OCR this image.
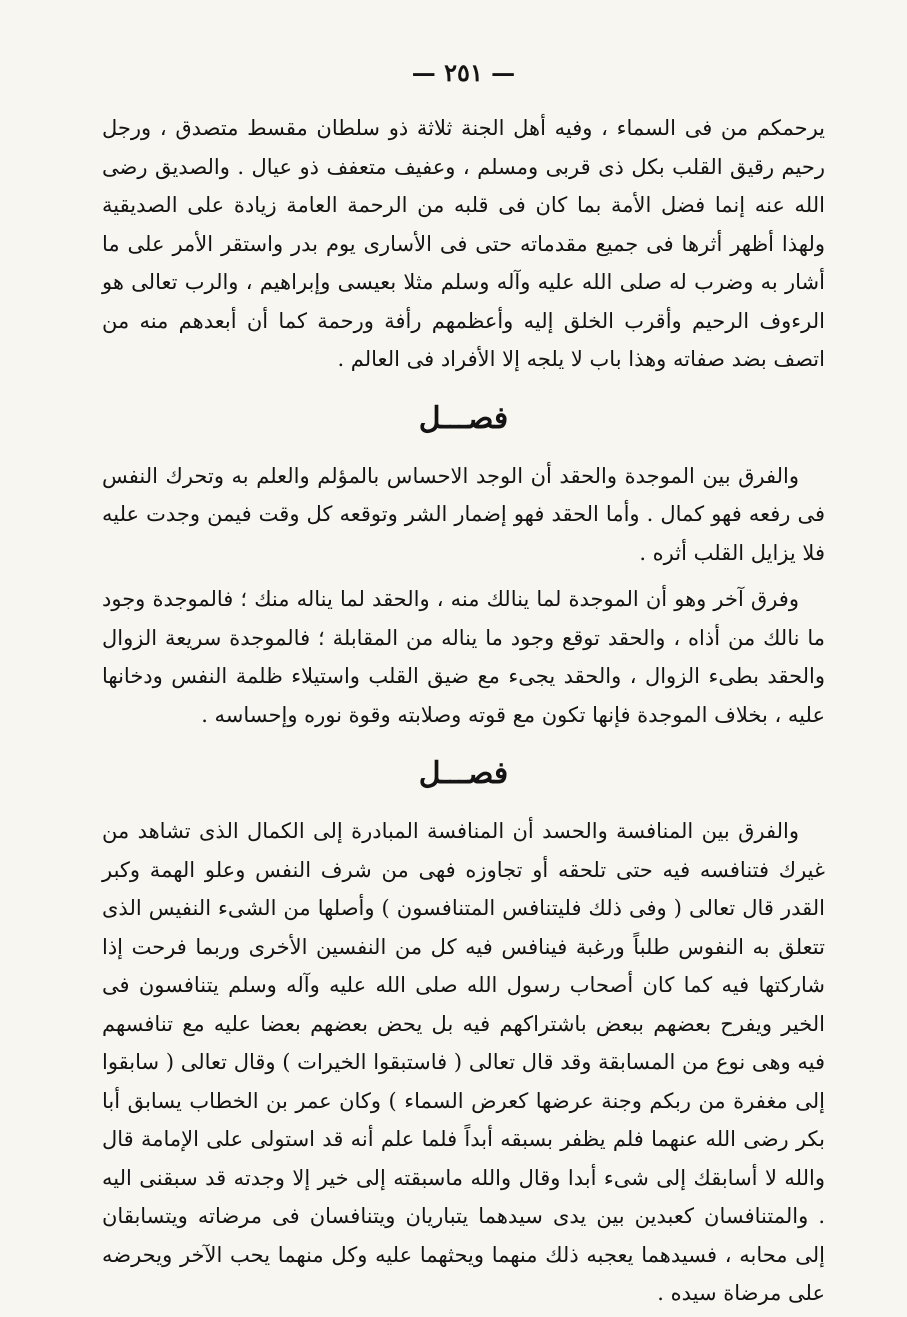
— ٢٥١ —

يرحمكم من فى السماء ، وفيه أهل الجنة ثلاثة ذو سلطان مقسط متصدق ، ورجل رحيم رقيق القلب بكل ذى قربى ومسلم ، وعفيف متعفف ذو عيال . والصديق رضى الله عنه إنما فضل الأمة بما كان فى قلبه من الرحمة العامة زيادة على الصديقية ولهذا أظهر أثرها فى جميع مقدماته حتى فى الأسارى يوم بدر واستقر الأمر على ما أشار به وضرب له صلى الله عليه وآله وسلم مثلا بعيسى وإبراهيم ، والرب تعالى هو الرءوف الرحيم وأقرب الخلق إليه وأعظمهم رأفة ورحمة كما أن أبعدهم منه من اتصف بضد صفاته وهذا باب لا يلجه إلا الأفراد فى العالم .

فصـــل

والفرق بين الموجدة والحقد أن الوجد الاحساس بالمؤلم والعلم به وتحرك النفس فى رفعه فهو كمال . وأما الحقد فهو إضمار الشر وتوقعه كل وقت فيمن وجدت عليه فلا يزايل القلب أثره .

وفرق آخر وهو أن الموجدة لما ينالك منه ، والحقد لما يناله منك ؛ فالموجدة وجود ما نالك من أذاه ، والحقد توقع وجود ما يناله من المقابلة ؛ فالموجدة سريعة الزوال والحقد بطىء الزوال ، والحقد يجىء مع ضيق القلب واستيلاء ظلمة النفس ودخانها عليه ، بخلاف الموجدة فإنها تكون مع قوته وصلابته وقوة نوره وإحساسه .

فصـــل

والفرق بين المنافسة والحسد أن المنافسة المبادرة إلى الكمال الذى تشاهد من غيرك فتنافسه فيه حتى تلحقه أو تجاوزه فهى من شرف النفس وعلو الهمة وكبر القدر قال تعالى ( وفى ذلك فليتنافس المتنافسون ) وأصلها من الشىء النفيس الذى تتعلق به النفوس طلباً ورغبة فينافس فيه كل من النفسين الأخرى وربما فرحت إذا شاركتها فيه كما كان أصحاب رسول الله صلى الله عليه وآله وسلم يتنافسون فى الخير ويفرح بعضهم ببعض باشتراكهم فيه بل يحض بعضهم بعضا عليه مع تنافسهم فيه وهى نوع من المسابقة وقد قال تعالى ( فاستبقوا الخيرات ) وقال تعالى ( سابقوا إلى مغفرة من ربكم وجنة عرضها كعرض السماء ) وكان عمر بن الخطاب يسابق أبا بكر رضى الله عنهما فلم يظفر بسبقه أبداً فلما علم أنه قد استولى على الإمامة قال والله لا أسابقك إلى شىء أبدا وقال والله ماسبقته إلى خير إلا وجدته قد سبقنى اليه . والمتنافسان كعبدين بين يدى سيدهما يتباريان ويتنافسان فى مرضاته ويتسابقان إلى محابه ، فسيدهما يعجبه ذلك منهما ويحثهما عليه وكل منهما يحب الآخر ويحرضه على مرضاة سيده .
